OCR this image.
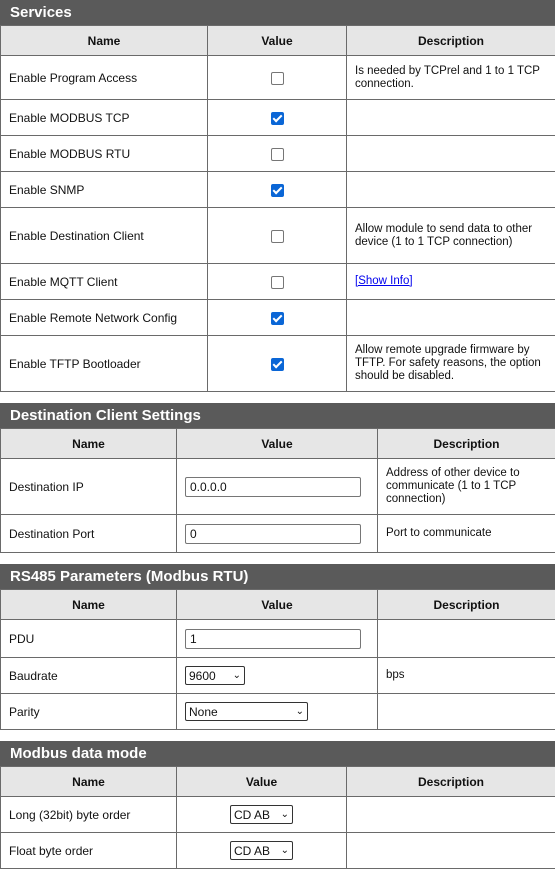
Services
Name	Value	Description
Enable Program Access		Is needed by TCPrel and 1 to 1 TCP connection.
Enable MODBUS TCP		
Enable MODBUS RTU		
Enable SNMP		
Enable Destination Client		Allow module to send data to other device (1 to 1 TCP connection)
Enable MQTT Client		[Show Info]
Enable Remote Network Config		
Enable TFTP Bootloader		Allow remote upgrade firmware by TFTP. For safety reasons, the option should be disabled.
Destination Client Settings
Name	Value	Description
Destination IP	0.0.0.0	Address of other device to communicate (1 to 1 TCP connection)
Destination Port	0	Port to communicate
RS485 Parameters (Modbus RTU)
Name	Value	Description
PDU	1	
Baudrate	9600 ⌄	bps
Parity	None ⌄	

Modbus data mode
Name	Value	Description
Long (32bit) byte order	CD AB ⌄	

Float byte order	CD AB ⌄	
